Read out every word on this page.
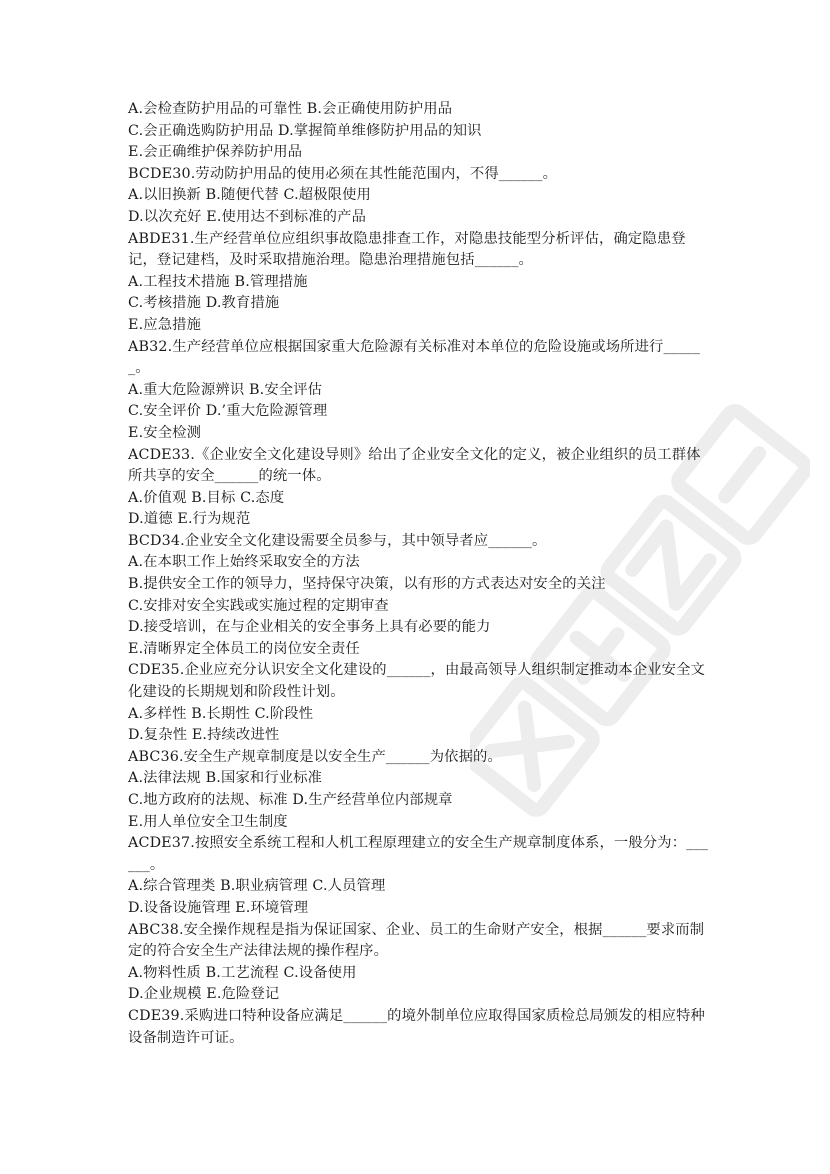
A.会检查防护用品的可靠性 B.会正确使用防护用品

C.会正确选购防护用品 D.掌握简单维修防护用品的知识

E.会正确维护保养防护用品

BCDE30.劳动防护用品的使用必须在其性能范围内，不得______。

A.以旧换新 B.随便代替 C.超极限使用

D.以次充好 E.使用达不到标准的产品

ABDE31.生产经营单位应组织事故隐患排查工作，对隐患技能型分析评估，确定隐患登记，登记建档，及时采取措施治理。隐患治理措施包括______。

A.工程技术措施 B.管理措施

C.考核措施 D.教育措施

E.应急措施

AB32.生产经营单位应根据国家重大危险源有关标准对本单位的危险设施或场所进行______。

A.重大危险源辨识 B.安全评估

C.安全评价 D.’重大危险源管理

E.安全检测

ACDE33.《企业安全文化建设导则》给出了企业安全文化的定义，被企业组织的员工群体所共享的安全______的统一体。

A.价值观 B.目标 C.态度

D.道德 E.行为规范

BCD34.企业安全文化建设需要全员参与，其中领导者应______。

A.在本职工作上始终采取安全的方法

B.提供安全工作的领导力，坚持保守决策，以有形的方式表达对安全的关注

C.安排对安全实践或实施过程的定期审查

D.接受培训，在与企业相关的安全事务上具有必要的能力

E.清晰界定全体员工的岗位安全责任

CDE35.企业应充分认识安全文化建设的______，由最高领导人组织制定推动本企业安全文化建设的长期规划和阶段性计划。

A.多样性 B.长期性 C.阶段性

D.复杂性 E.持续改进性

ABC36.安全生产规章制度是以安全生产______为依据的。

A.法律法规 B.国家和行业标准

C.地方政府的法规、标准 D.生产经营单位内部规章

E.用人单位安全卫生制度

ACDE37.按照安全系统工程和人机工程原理建立的安全生产规章制度体系，一般分为：______。

A.综合管理类 B.职业病管理 C.人员管理

D.设备设施管理 E.环境管理

ABC38.安全操作规程是指为保证国家、企业、员工的生命财产安全，根据______要求而制定的符合安全生产法律法规的操作程序。

A.物料性质 B.工艺流程 C.设备使用

D.企业规模 E.危险登记

CDE39.采购进口特种设备应满足______的境外制单位应取得国家质检总局颁发的相应特种设备制造许可证。
